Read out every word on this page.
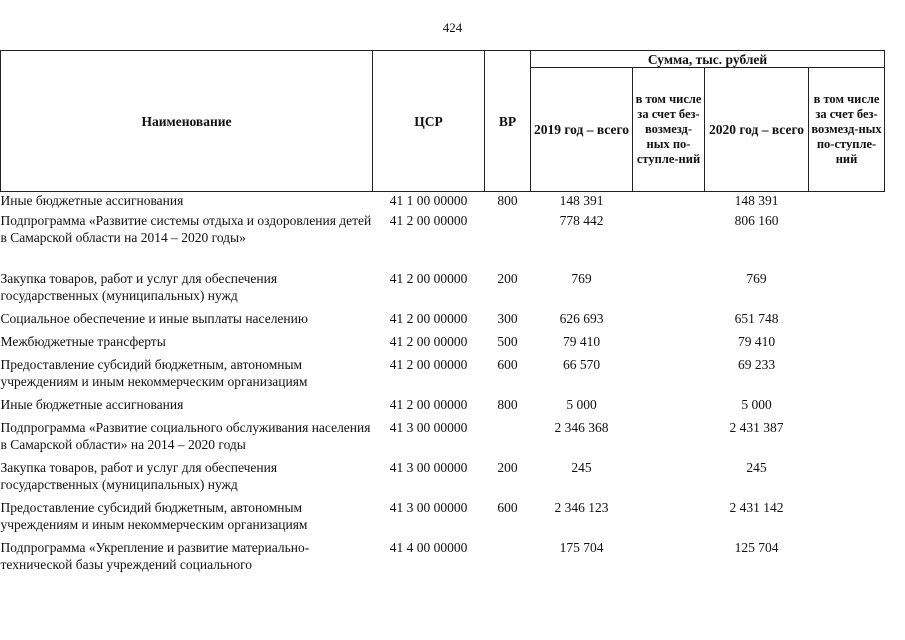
424
Наименование	ЦСР	ВР	Сумма, тыс. рублей			
			2019 год – всего	в том числе за счет без-возмезд-ных по-ступле-ний	2020 год – всего	в том числе за счет без-возмезд-ных по-ступле-ний
Иные бюджетные ассигнования	41 1 00 00000	800	148 391		148 391	
Подпрограмма «Развитие системы отдыха и оздоровления детей в Самарской области на 2014 – 2020 годы»	41 2 00 00000		778 442		806 160	
Закупка товаров, работ и услуг для обеспечения государственных (муниципальных) нужд	41 2 00 00000	200	769		769	
Социальное обеспечение и иные выплаты населению	41 2 00 00000	300	626 693		651 748	
Межбюджетные трансферты	41 2 00 00000	500	79 410		79 410	
Предоставление субсидий бюджетным, автономным учреждениям и иным некоммерческим организациям	41 2 00 00000	600	66 570		69 233	
Иные бюджетные ассигнования	41 2 00 00000	800	5 000		5 000	
Подпрограмма «Развитие социального обслуживания населения в Самарской области» на 2014 – 2020 годы	41 3 00 00000		2 346 368		2 431 387	
Закупка товаров, работ и услуг для обеспечения государственных (муниципальных) нужд	41 3 00 00000	200	245		245	
Предоставление субсидий бюджетным, автономным учреждениям и иным некоммерческим организациям	41 3 00 00000	600	2 346 123		2 431 142	
Подпрограмма «Укрепление и развитие материально-технической базы учреждений социального	41 4 00 00000		175 704		125 704	
